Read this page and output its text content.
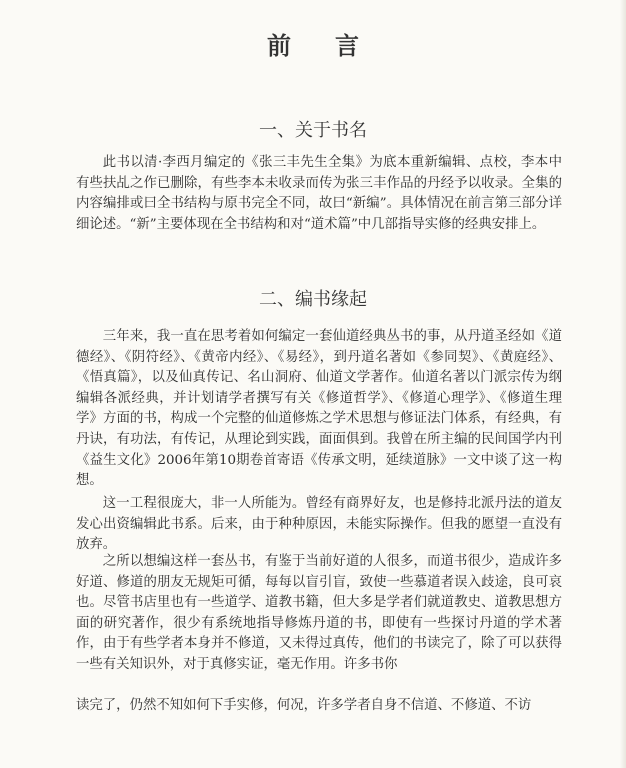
前言
一、关于书名

此书以清·李西月编定的《张三丰先生全集》为底本重新编辑、点校，李本中有些扶乩之作已删除，有些李本未收录而传为张三丰作品的丹经予以收录。全集的内容编排或曰全书结构与原书完全不同，故曰“新编”。具体情况在前言第三部分详细论述。“新”主要体现在全书结构和对“道术篇”中几部指导实修的经典安排上。

二、编书缘起

三年来，我一直在思考着如何编定一套仙道经典丛书的事，从丹道圣经如《道德经》、《阴符经》、《黄帝内经》、《易经》，到丹道名著如《参同契》、《黄庭经》、《悟真篇》，以及仙真传记、名山洞府、仙道文学著作。仙道名著以门派宗传为纲编辑各派经典，并计划请学者撰写有关《修道哲学》、《修道心理学》、《修道生理学》方面的书，构成一个完整的仙道修炼之学术思想与修证法门体系，有经典，有丹诀，有功法，有传记，从理论到实践，面面俱到。我曾在所主编的民间国学内刊《益生文化》2006年第10期卷首寄语《传承文明，延续道脉》一文中谈了这一构想。

这一工程很庞大，非一人所能为。曾经有商界好友，也是修持北派丹法的道友发心出资编辑此书系。后来，由于种种原因，未能实际操作。但我的愿望一直没有放弃。

之所以想编这样一套丛书，有鉴于当前好道的人很多，而道书很少，造成许多好道、修道的朋友无规矩可循，每每以盲引盲，致使一些慕道者误入歧途，良可哀也。尽管书店里也有一些道学、道教书籍，但大多是学者们就道教史、道教思想方面的研究著作，很少有系统地指导修炼丹道的书，即使有一些探讨丹道的学术著作，由于有些学者本身并不修道，又未得过真传，他们的书读完了，除了可以获得一些有关知识外，对于真修实证，毫无作用。许多书你

读完了，仍然不知如何下手实修，何况，许多学者自身不信道、不修道、不访
